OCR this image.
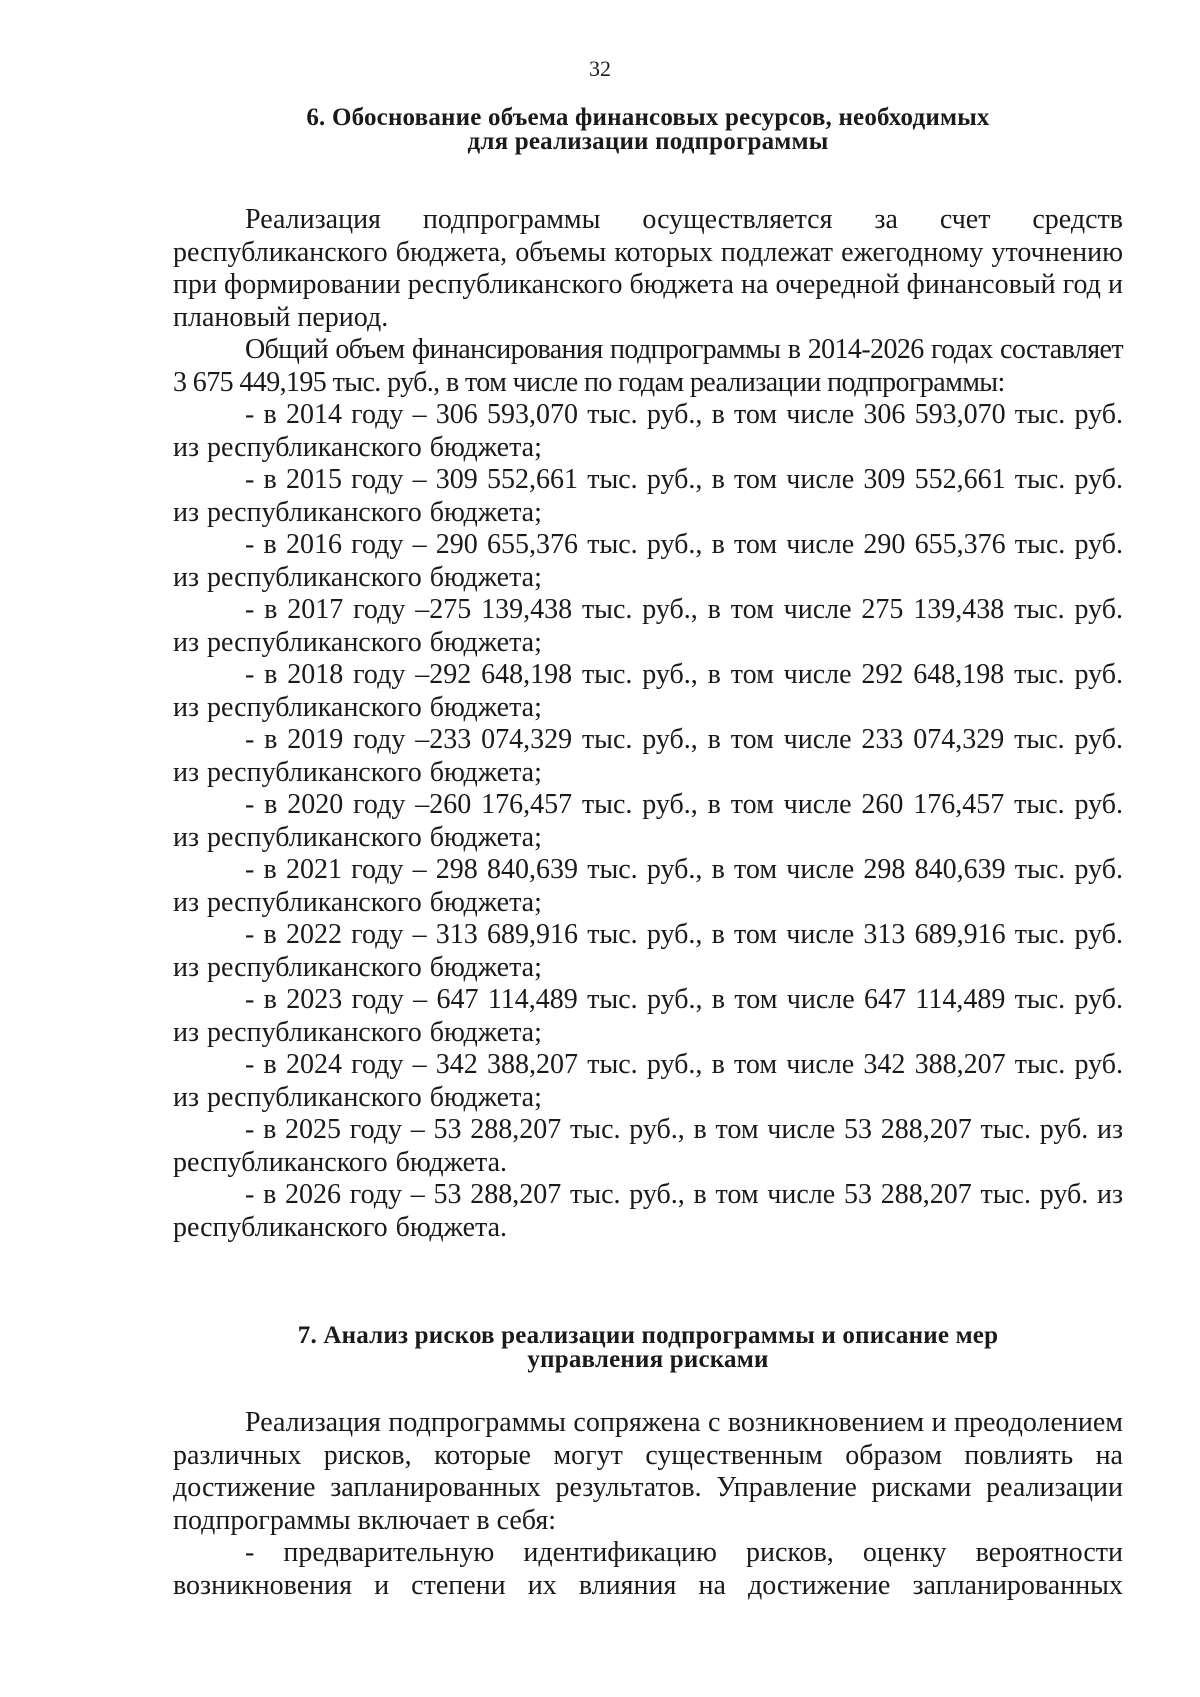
32
6. Обоснование объема финансовых ресурсов, необходимых
для реализации подпрограммы

Реализация подпрограммы осуществляется за счет средств республиканского бюджета, объемы которых подлежат ежегодному уточнению при формировании республиканского бюджета на очередной финансовый год и плановый период.

Общий объем финансирования подпрограммы в 2014-2026 годах составляет 3 675 449,195 тыс. руб., в том числе по годам реализации подпрограммы:

- в 2014 году – 306 593,070 тыс. руб., в том числе 306 593,070 тыс. руб. из республиканского бюджета;

- в 2015 году – 309 552,661 тыс. руб., в том числе 309 552,661 тыс. руб. из республиканского бюджета;

- в 2016 году – 290 655,376 тыс. руб., в том числе 290 655,376 тыс. руб. из республиканского бюджета;

- в 2017 году –275 139,438 тыс. руб., в том числе 275 139,438 тыс. руб. из республиканского бюджета;

- в 2018 году –292 648,198 тыс. руб., в том числе 292 648,198 тыс. руб. из республиканского бюджета;

- в 2019 году –233 074,329 тыс. руб., в том числе 233 074,329 тыс. руб. из республиканского бюджета;

- в 2020 году –260 176,457 тыс. руб., в том числе 260 176,457 тыс. руб. из республиканского бюджета;

- в 2021 году – 298 840,639 тыс. руб., в том числе 298 840,639 тыс. руб. из республиканского бюджета;

- в 2022 году – 313 689,916 тыс. руб., в том числе 313 689,916 тыс. руб. из республиканского бюджета;

- в 2023 году – 647 114,489 тыс. руб., в том числе 647 114,489 тыс. руб. из республиканского бюджета;

- в 2024 году – 342 388,207 тыс. руб., в том числе 342 388,207 тыс. руб. из республиканского бюджета;

- в 2025 году – 53 288,207 тыс. руб., в том числе 53 288,207 тыс. руб. из республиканского бюджета.

- в 2026 году – 53 288,207 тыс. руб., в том числе 53 288,207 тыс. руб. из республиканского бюджета.

7. Анализ рисков реализации подпрограммы и описание мер
управления рисками

Реализация подпрограммы сопряжена с возникновением и преодолением различных рисков, которые могут существенным образом повлиять на достижение запланированных результатов. Управление рисками реализации подпрограммы включает в себя:

- предварительную идентификацию рисков, оценку вероятности возникновения и степени их влияния на достижение запланированных
